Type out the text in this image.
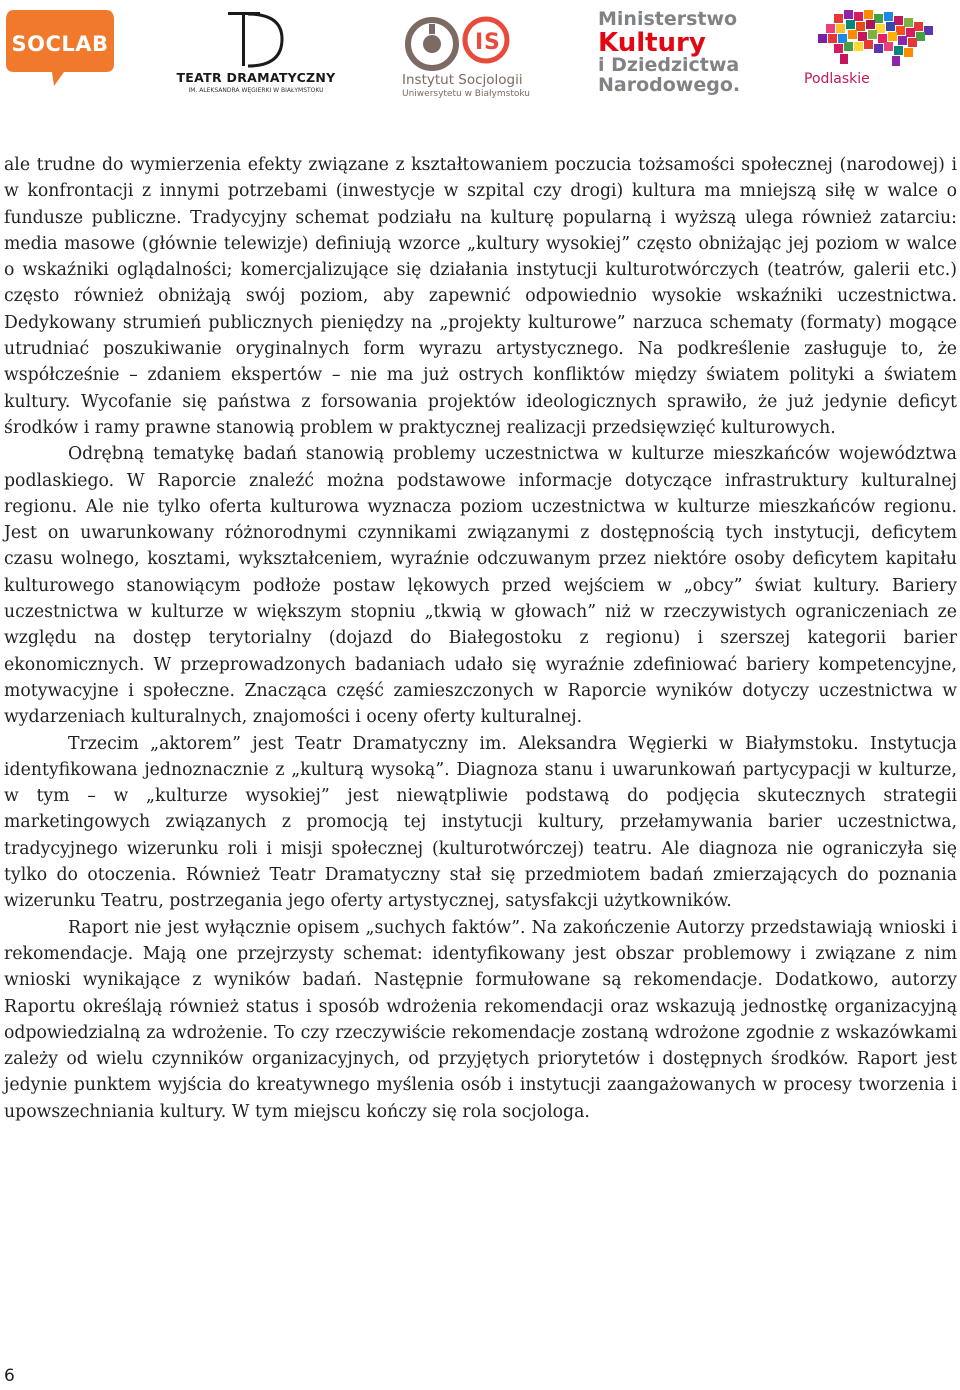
SOCLAB
TEATR DRAMATYCZNY
IM. ALEKSANDRA WĘGIERKI W BIAŁYMSTOKU
I S
Instytut Socjologii
Uniwersytetu w Białymstoku
Ministerstwo
Kultury
i Dziedzictwa
Narodowego.	Podlaskie

ale trudne do wymierzenia efekty związane z kształtowaniem poczucia tożsamości społecznej (narodowej) i w konfrontacji z innymi potrzebami (inwestycje w szpital czy drogi) kultura ma mniejszą siłę w walce o fundusze publiczne. Tradycyjny schemat podziału na kulturę popularną i wyższą ulega również zatarciu: media masowe (głównie telewizje) definiują wzorce „kultury wysokiej” często obniżając jej poziom w walce o wskaźniki oglądalności; komercjalizujące się działania instytucji kulturotwórczych (teatrów, galerii etc.) często również obniżają swój poziom, aby zapewnić odpowiednio wysokie wskaźniki uczestnictwa. Dedykowany strumień publicznych pieniędzy na „projekty kulturowe” narzuca schematy (formaty) mogące utrudniać poszukiwanie oryginalnych form wyrazu artystycznego. Na podkreślenie zasługuje to, że współcześnie – zdaniem ekspertów – nie ma już ostrych konfliktów między światem polityki a światem kultury. Wycofanie się państwa z forsowania projektów ideologicznych sprawiło, że już jedynie deficyt środków i ramy prawne stanowią problem w praktycznej realizacji przedsięwzięć kulturowych.

Odrębną tematykę badań stanowią problemy uczestnictwa w kulturze mieszkańców województwa podlaskiego. W Raporcie znaleźć można podstawowe informacje dotyczące infrastruktury kulturalnej regionu. Ale nie tylko oferta kulturowa wyznacza poziom uczestnictwa w kulturze mieszkańców regionu. Jest on uwarunkowany różnorodnymi czynnikami związanymi z dostępnością tych instytucji, deficytem czasu wolnego, kosztami, wykształceniem, wyraźnie odczuwanym przez niektóre osoby deficytem kapitału kulturowego stanowiącym podłoże postaw lękowych przed wejściem w „obcy” świat kultury. Bariery uczestnictwa w kulturze w większym stopniu „tkwią w głowach” niż w rzeczywistych ograniczeniach ze względu na dostęp terytorialny (dojazd do Białegostoku z regionu) i szerszej kategorii barier ekonomicznych. W przeprowadzonych badaniach udało się wyraźnie zdefiniować bariery kompetencyjne, motywacyjne i społeczne. Znacząca część zamieszczonych w Raporcie wyników dotyczy uczestnictwa w wydarzeniach kulturalnych, znajomości i oceny oferty kulturalnej.

Trzecim „aktorem” jest Teatr Dramatyczny im. Aleksandra Węgierki w Białymstoku. Instytucja identyfikowana jednoznacznie z „kulturą wysoką”. Diagnoza stanu i uwarunkowań partycypacji w kulturze, w tym – w „kulturze wysokiej” jest niewątpliwie podstawą do podjęcia skutecznych strategii marketingowych związanych z promocją tej instytucji kultury, przełamywania barier uczestnictwa, tradycyjnego wizerunku roli i misji społecznej (kulturotwórczej) teatru. Ale diagnoza nie ograniczyła się tylko do otoczenia. Również Teatr Dramatyczny stał się przedmiotem badań zmierzających do poznania wizerunku Teatru, postrzegania jego oferty artystycznej, satysfakcji użytkowników.

Raport nie jest wyłącznie opisem „suchych faktów”. Na zakończenie Autorzy przedstawiają wnioski i rekomendacje. Mają one przejrzysty schemat: identyfikowany jest obszar problemowy i związane z nim wnioski wynikające z wyników badań. Następnie formułowane są rekomendacje. Dodatkowo, autorzy Raportu określają również status i sposób wdrożenia rekomendacji oraz wskazują jednostkę organizacyjną odpowiedzialną za wdrożenie. To czy rzeczywiście rekomendacje zostaną wdrożone zgodnie z wskazówkami zależy od wielu czynników organizacyjnych, od przyjętych priorytetów i dostępnych środków. Raport jest jedynie punktem wyjścia do kreatywnego myślenia osób i instytucji zaangażowanych w procesy tworzenia i upowszechniania kultury. W tym miejscu kończy się rola socjologa.

6
